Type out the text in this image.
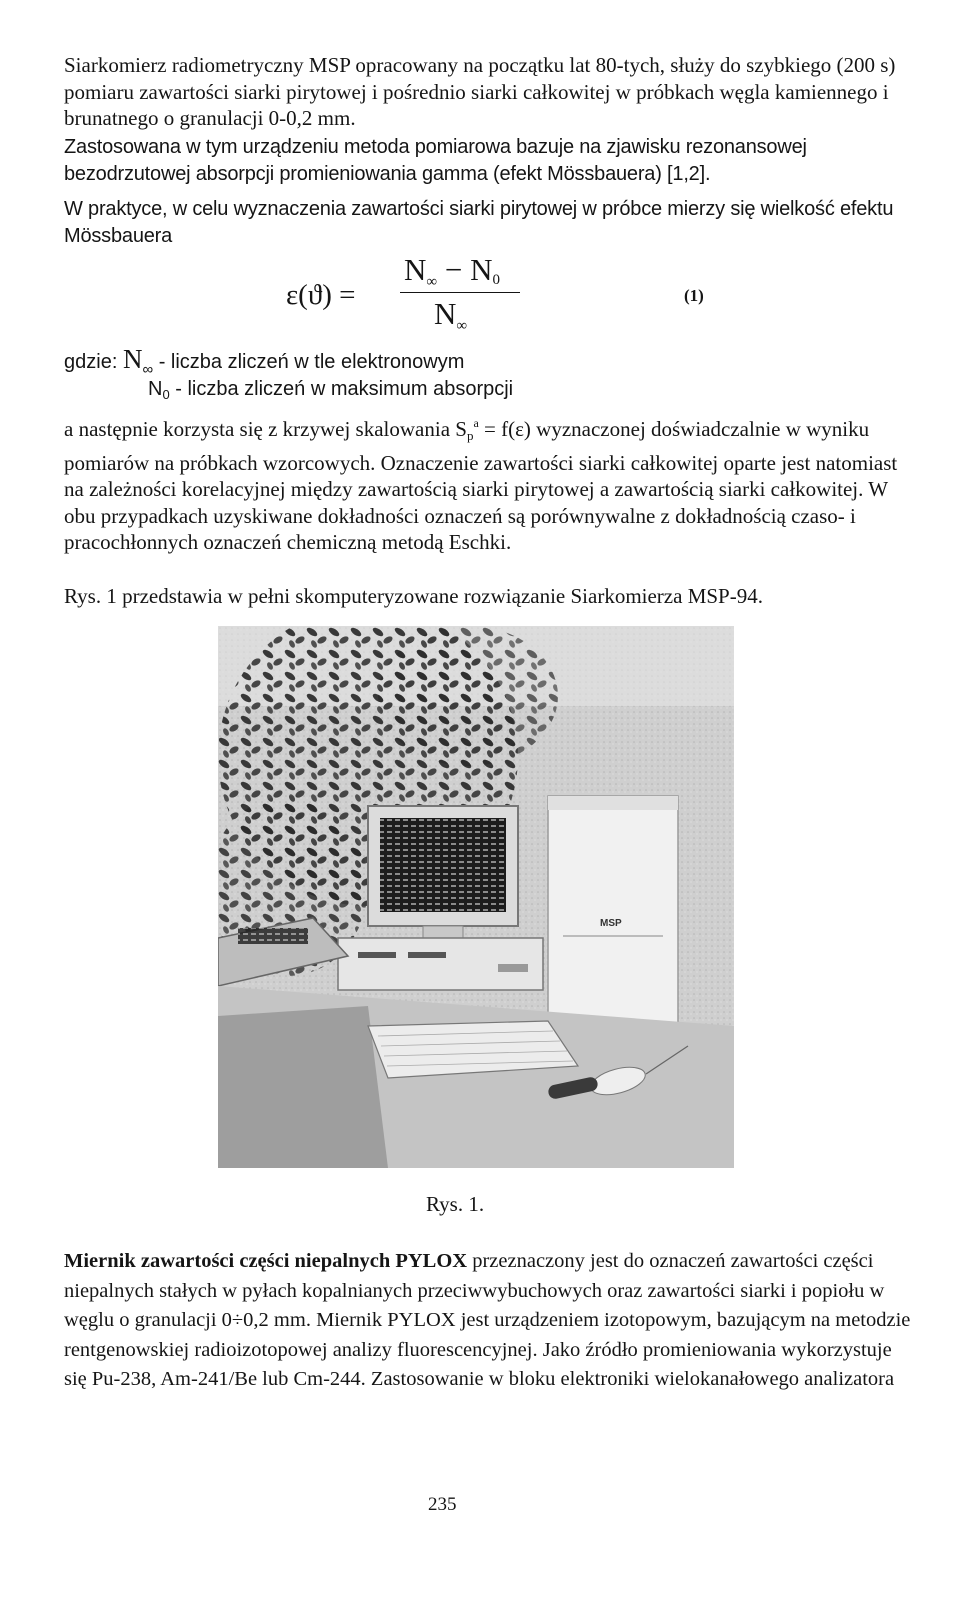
Siarkomierz radiometryczny MSP opracowany na początku lat 80-tych, służy do szybkiego (200 s) pomiaru zawartości siarki pirytowej i pośrednio siarki całkowitej w próbkach węgla kamiennego i brunatnego o granulacji 0-0,2 mm.

Zastosowana w tym urządzeniu metoda pomiarowa bazuje na zjawisku rezonansowej bezodrzutowej absorpcji promieniowania gamma (efekt Mössbauera) [1,2].

W praktyce, w celu wyznaczenia zawartości siarki pirytowej w próbce mierzy się wielkość efektu Mössbauera

ε(ϑ) =
$N_\infty - N_0$
$N_\infty$
(1)
gdzie: $N_\infty$ - liczba zliczeń w tle elektronowym
$N_0$ - liczba zliczeń w maksimum absorpcji

a następnie korzysta się z krzywej skalowania $S_p^a = f(\varepsilon)$ wyznaczonej doświadczalnie w wyniku pomiarów na próbkach wzorcowych. Oznaczenie zawartości siarki całkowitej oparte jest natomiast na zależności korelacyjnej między zawartością siarki pirytowej a zawartością siarki całkowitej. W obu przypadkach uzyskiwane dokładności oznaczeń są porównywalne z dokładnością czaso- i pracochłonnych oznaczeń chemiczną metodą Eschki.

Rys. 1 przedstawia w pełni skomputeryzowane rozwiązanie Siarkomierza MSP-94.

MSP
Rys. 1.

Miernik zawartości części niepalnych PYLOX przeznaczony jest do oznaczeń zawartości części niepalnych stałych w pyłach kopalnianych przeciwwybuchowych oraz zawartości siarki i popiołu w węglu o granulacji 0÷0,2 mm. Miernik PYLOX jest urządzeniem izotopowym, bazującym na metodzie rentgenowskiej radioizotopowej analizy fluorescencyjnej. Jako źródło promieniowania wykorzystuje się Pu-238, Am-241/Be lub Cm-244. Zastosowanie w bloku elektroniki wielokanałowego analizatora

235
